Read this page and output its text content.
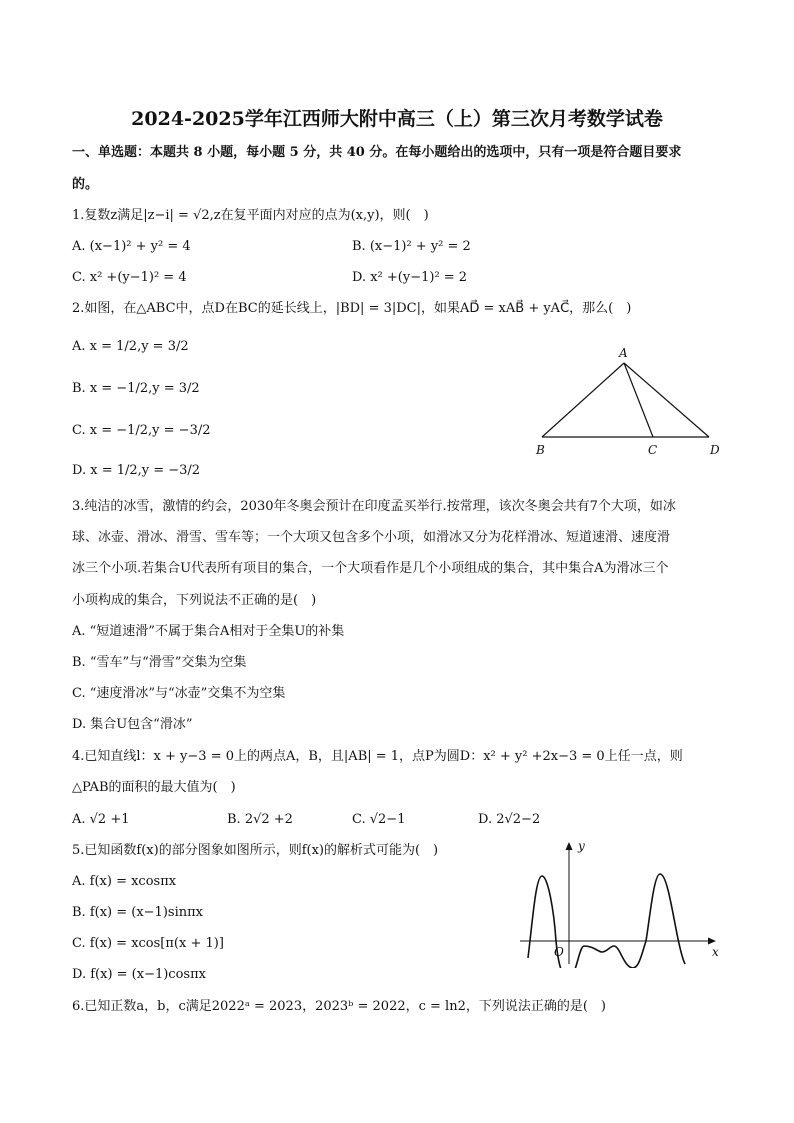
2024-2025学年江西师大附中高三（上）第三次月考数学试卷
一、单选题：本题共 8 小题，每小题 5 分，共 40 分。在每小题给出的选项中，只有一项是符合题目要求
的。
1.复数z满足|z−i| = √2,z在复平面内对应的点为(x,y)，则(　)
A. (x−1)² + y² = 4	B. (x−1)² + y² = 2
C. x² +(y−1)² = 4	D. x² +(y−1)² = 2
2.如图，在△ABC中，点D在BC的延长线上，|BD| = 3|DC|，如果AD⃗ = xAB⃗ + yAC⃗，那么(　)
A. x = 1/2,y = 3/2
B. x = −1/2,y = 3/2
C. x = −1/2,y = −3/2
D. x = 1/2,y = −3/2
A
B	C	D
3.纯洁的冰雪，激情的约会，2030年冬奥会预计在印度孟买举行.按常理，该次冬奥会共有7个大项，如冰
球、冰壶、滑冰、滑雪、雪车等；一个大项又包含多个小项，如滑冰又分为花样滑冰、短道速滑、速度滑
冰三个小项.若集合U代表所有项目的集合，一个大项看作是几个小项组成的集合，其中集合A为滑冰三个
小项构成的集合，下列说法不正确的是(　)
A. “短道速滑”不属于集合A相对于全集U的补集
B. “雪车”与“滑雪”交集为空集
C. “速度滑冰”与“冰壶”交集不为空集
D. 集合U包含“滑冰”
4.已知直线l：x + y−3 = 0上的两点A，B，且|AB| = 1，点P为圆D：x² + y² +2x−3 = 0上任一点，则
△PAB的面积的最大值为(　)
A. √2 +1	B. 2√2 +2	C. √2−1	D. 2√2−2
5.已知函数f(x)的部分图象如图所示，则f(x)的解析式可能为(　)
A. f(x) = xcosπx
B. f(x) = (x−1)sinπx
C. f(x) = xcos[π(x + 1)]
D. f(x) = (x−1)cosπx
y
x
O
6.已知正数a，b，c满足2022ᵃ = 2023，2023ᵇ = 2022，c = ln2，下列说法正确的是(　)
